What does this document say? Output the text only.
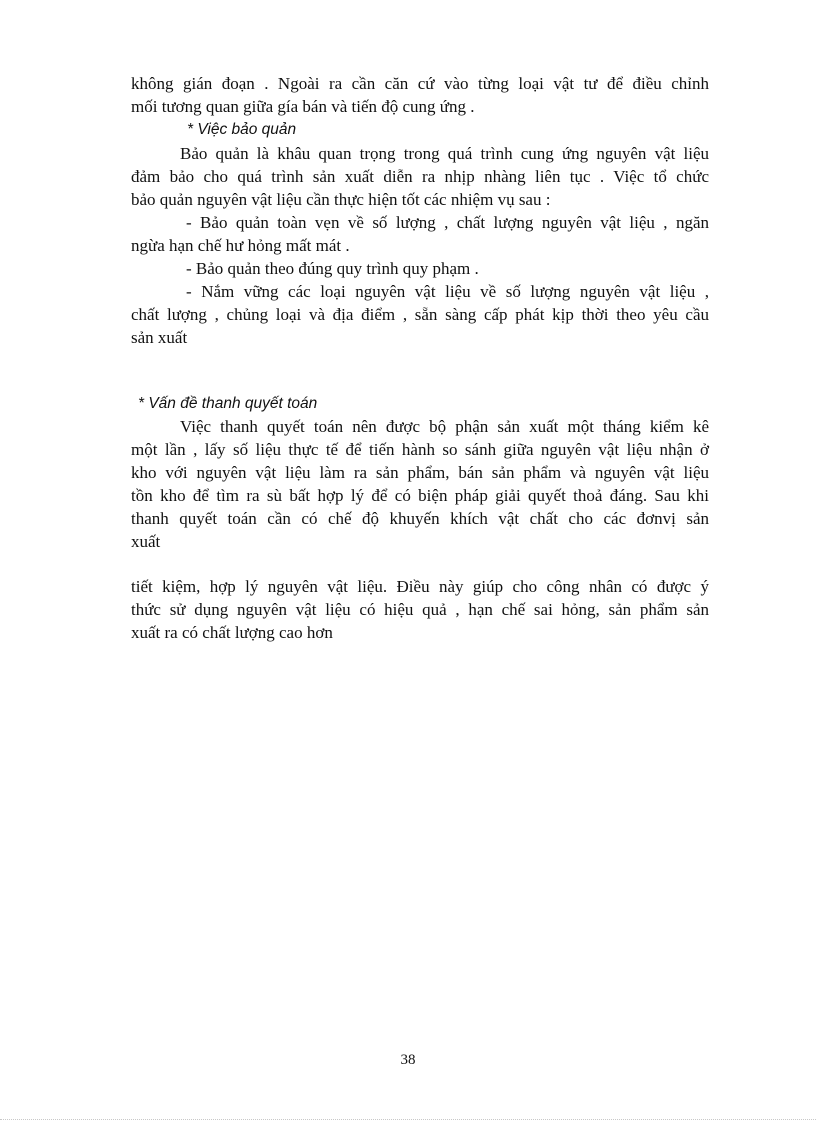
không gián đoạn . Ngoài ra cần căn cứ vào từng loại vật tư để điều chỉnh
mối tương quan giữa gía bán và tiến độ cung ứng .
* Việc bảo quản
Bảo quản là khâu quan trọng trong quá trình cung ứng nguyên vật liệu
đảm bảo cho quá trình sản xuất diễn ra nhịp nhàng liên tục . Việc tổ chức
bảo quản nguyên vật liệu cần thực hiện tốt các nhiệm vụ sau :
- Bảo quản toàn vẹn về số lượng , chất lượng nguyên vật liệu , ngăn
ngừa hạn chế hư hỏng mất mát .
- Bảo quản theo đúng quy trình quy phạm .
- Nắm vững các loại nguyên vật liệu về số lượng nguyên vật liệu ,
chất lượng , chủng loại và địa điểm , sẵn sàng cấp phát kịp thời theo yêu cầu
sản xuất
* Vấn đề thanh quyết toán
Việc thanh quyết toán nên được bộ phận sản xuất một tháng kiểm kê
một lần , lấy số liệu thực tế để tiến hành so sánh giữa nguyên vật liệu nhận ở
kho với nguyên vật liệu làm ra sản phẩm, bán sản phẩm và nguyên vật liệu
tồn kho để tìm ra sù bất hợp lý để có biện pháp giải quyết thoả đáng. Sau khi
thanh quyết toán cần có chế độ khuyến khích vật chất cho các đơnvị sản
xuất
tiết kiệm, hợp lý nguyên vật liệu. Điều này giúp cho công nhân có được ý
thức sử dụng nguyên vật liệu có hiệu quả , hạn chế sai hỏng, sản phẩm sản
xuất ra có chất lượng cao hơn
38
